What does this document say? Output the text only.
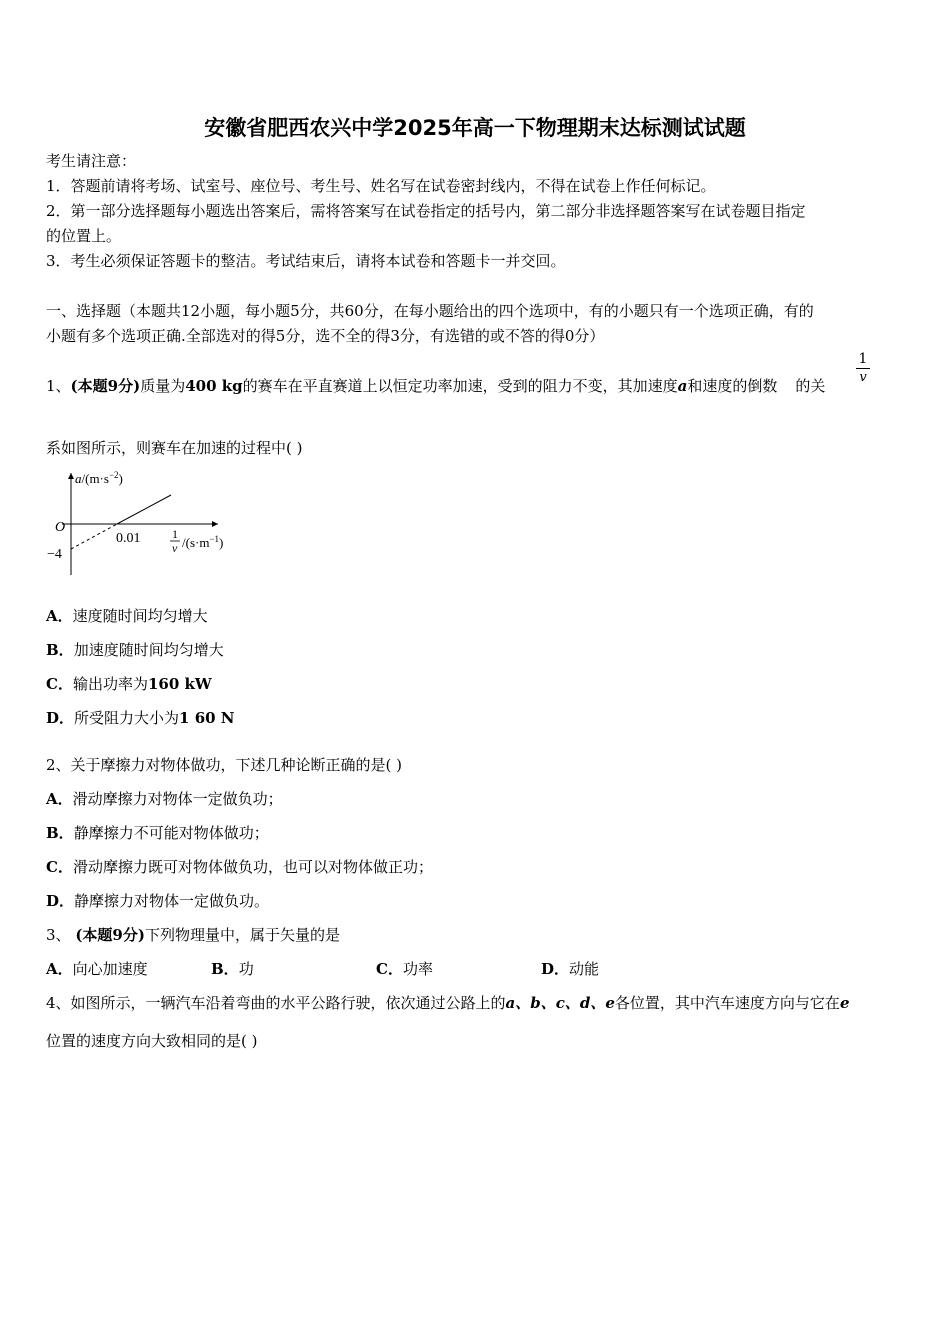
安徽省肥西农兴中学2025年高一下物理期末达标测试试题
考生请注意：
1．答题前请将考场、试室号、座位号、考生号、姓名写在试卷密封线内，不得在试卷上作任何标记。
2．第一部分选择题每小题选出答案后，需将答案写在试卷指定的括号内，第二部分非选择题答案写在试卷题目指定
的位置上。
3．考生必须保证答题卡的整洁。考试结束后，请将本试卷和答题卡一并交回。
一、选择题（本题共12小题，每小题5分，共60分，在每小题给出的四个选项中，有的小题只有一个选项正确，有的
小题有多个选项正确.全部选对的得5分，选不全的得3分，有选错的或不答的得0分）
1、(本题9分)质量为400 kg的赛车在平直赛道上以恒定功率加速，受到的阻力不变，其加速度a和速度的倒数 的关 $\frac{1}{v}$
系如图所示，则赛车在加速的过程中( )
$a/(m\cdot s^{-2})$
O
0.01
−4
1
v $/(s\cdot m^{-1})$
A．速度随时间均匀增大
B．加速度随时间均匀增大
C．输出功率为160 kW
D．所受阻力大小为1 60 N
2、关于摩擦力对物体做功，下述几种论断正确的是( )
A．滑动摩擦力对物体一定做负功；
B．静摩擦力不可能对物体做功；
C．滑动摩擦力既可对物体做负功，也可以对物体做正功；
D．静摩擦力对物体一定做负功。
3、 (本题9分)下列物理量中，属于矢量的是
A．向心加速度	B．功	C．功率	D．动能
4、如图所示，一辆汽车沿着弯曲的水平公路行驶，依次通过公路上的a、b、c、d、e各位置，其中汽车速度方向与它在e
位置的速度方向大致相同的是( )
